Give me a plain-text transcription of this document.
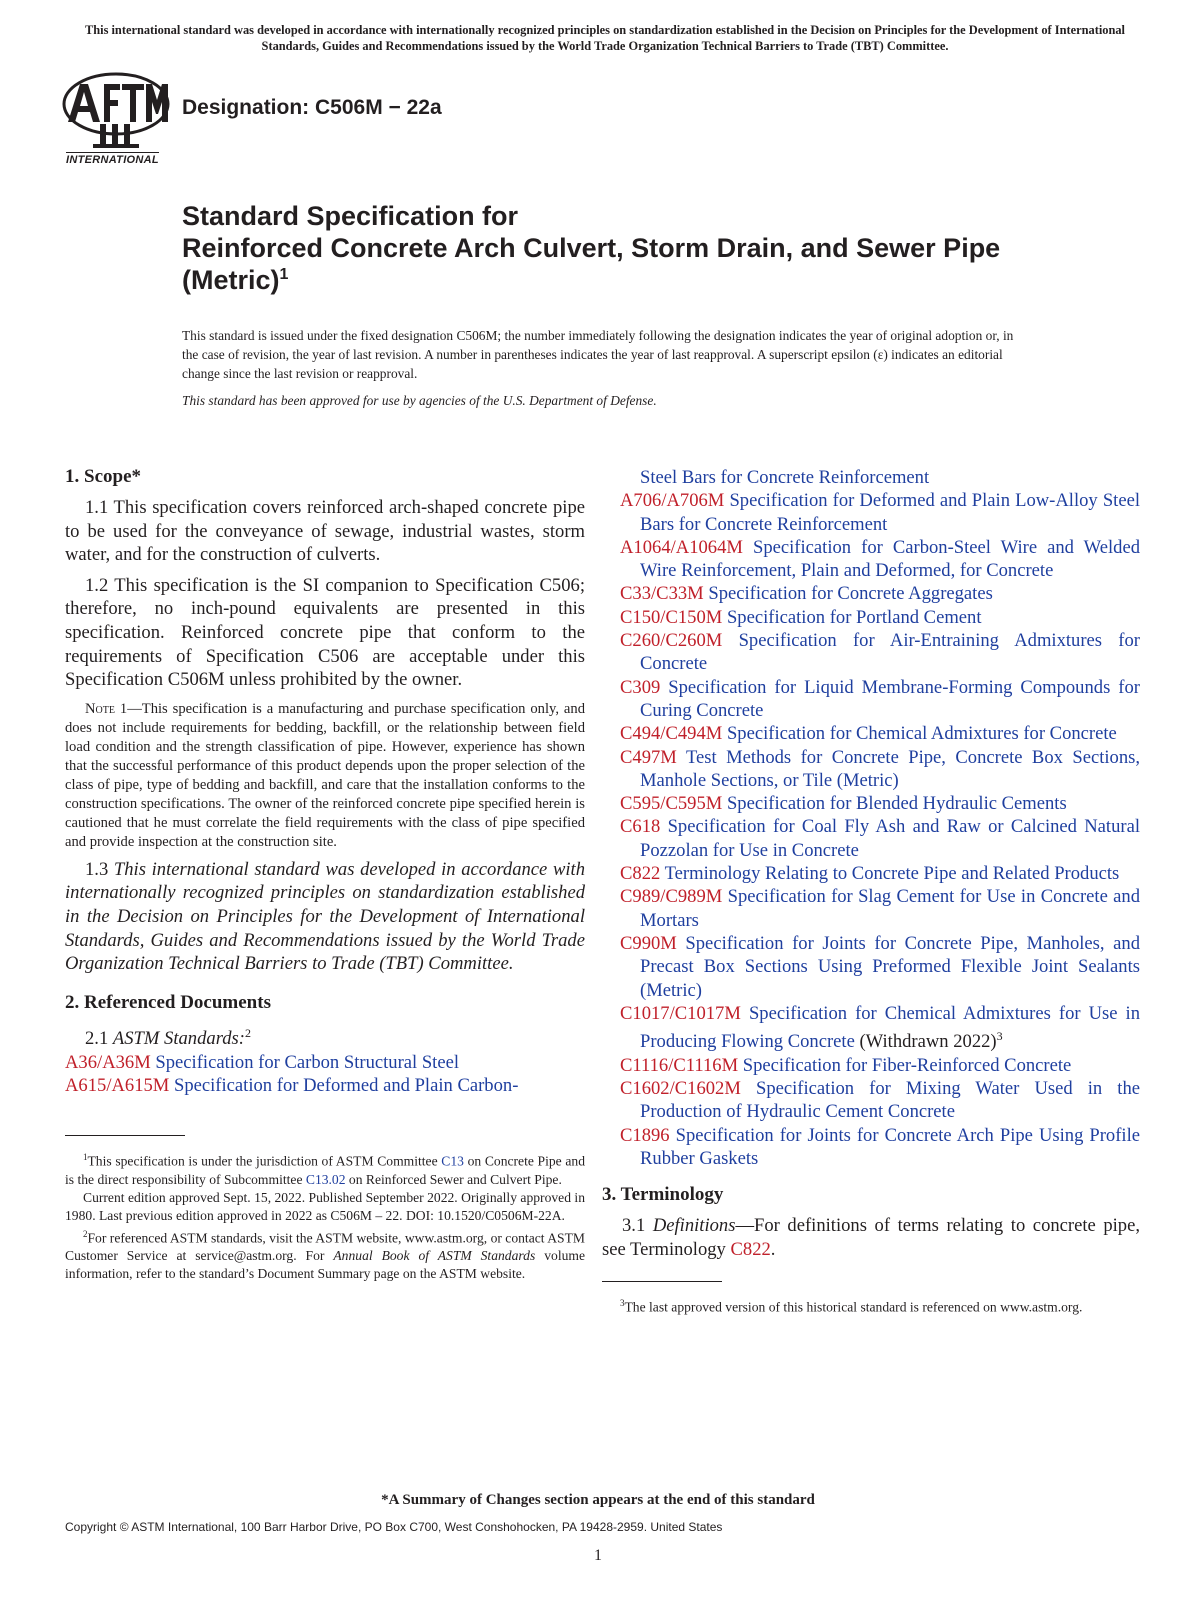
This international standard was developed in accordance with internationally recognized principles on standardization established in the Decision on Principles for the Development of International Standards, Guides and Recommendations issued by the World Trade Organization Technical Barriers to Trade (TBT) Committee.
INTERNATIONAL
Designation: C506M − 22a
Standard Specification for
Reinforced Concrete Arch Culvert, Storm Drain, and Sewer Pipe (Metric)$^1$
This standard is issued under the fixed designation C506M; the number immediately following the designation indicates the year of original adoption or, in the case of revision, the year of last revision. A number in parentheses indicates the year of last reapproval. A superscript epsilon (ε) indicates an editorial change since the last revision or reapproval.
This standard has been approved for use by agencies of the U.S. Department of Defense.
1. Scope*

1.1 This specification covers reinforced arch-shaped concrete pipe to be used for the conveyance of sewage, industrial wastes, storm water, and for the construction of culverts.

1.2 This specification is the SI companion to Specification C506; therefore, no inch-pound equivalents are presented in this specification. Reinforced concrete pipe that conform to the requirements of Specification C506 are acceptable under this Specification C506M unless prohibited by the owner.

Note 1—This specification is a manufacturing and purchase specification only, and does not include requirements for bedding, backfill, or the relationship between field load condition and the strength classification of pipe. However, experience has shown that the successful performance of this product depends upon the proper selection of the class of pipe, type of bedding and backfill, and care that the installation conforms to the construction specifications. The owner of the reinforced concrete pipe specified herein is cautioned that he must correlate the field requirements with the class of pipe specified and provide inspection at the construction site.

1.3 This international standard was developed in accordance with internationally recognized principles on standardization established in the Decision on Principles for the Development of International Standards, Guides and Recommendations issued by the World Trade Organization Technical Barriers to Trade (TBT) Committee.

2. Referenced Documents

2.1 ASTM Standards:$^2$

A36/A36M Specification for Carbon Structural Steel

A615/A615M Specification for Deformed and Plain Carbon-

$^1$This specification is under the jurisdiction of ASTM Committee C13 on Concrete Pipe and is the direct responsibility of Subcommittee C13.02 on Reinforced Sewer and Culvert Pipe.

Current edition approved Sept. 15, 2022. Published September 2022. Originally approved in 1980. Last previous edition approved in 2022 as C506M – 22. DOI: 10.1520/C0506M-22A.

$^2$For referenced ASTM standards, visit the ASTM website, www.astm.org, or contact ASTM Customer Service at service@astm.org. For Annual Book of ASTM Standards volume information, refer to the standard’s Document Summary page on the ASTM website.

Steel Bars for Concrete Reinforcement

A706/A706M Specification for Deformed and Plain Low-Alloy Steel Bars for Concrete Reinforcement

A1064/A1064M Specification for Carbon-Steel Wire and Welded Wire Reinforcement, Plain and Deformed, for Concrete

C33/C33M Specification for Concrete Aggregates

C150/C150M Specification for Portland Cement

C260/C260M Specification for Air-Entraining Admixtures for Concrete

C309 Specification for Liquid Membrane-Forming Compounds for Curing Concrete

C494/C494M Specification for Chemical Admixtures for Concrete

C497M Test Methods for Concrete Pipe, Concrete Box Sections, Manhole Sections, or Tile (Metric)

C595/C595M Specification for Blended Hydraulic Cements

C618 Specification for Coal Fly Ash and Raw or Calcined Natural Pozzolan for Use in Concrete

C822 Terminology Relating to Concrete Pipe and Related Products

C989/C989M Specification for Slag Cement for Use in Concrete and Mortars

C990M Specification for Joints for Concrete Pipe, Manholes, and Precast Box Sections Using Preformed Flexible Joint Sealants (Metric)

C1017/C1017M Specification for Chemical Admixtures for Use in Producing Flowing Concrete (Withdrawn 2022)$^3$

C1116/C1116M Specification for Fiber-Reinforced Concrete

C1602/C1602M Specification for Mixing Water Used in the Production of Hydraulic Cement Concrete

C1896 Specification for Joints for Concrete Arch Pipe Using Profile Rubber Gaskets

3. Terminology

3.1 Definitions—For definitions of terms relating to concrete pipe, see Terminology C822.

$^3$The last approved version of this historical standard is referenced on www.astm.org.

*A Summary of Changes section appears at the end of this standard
Copyright © ASTM International, 100 Barr Harbor Drive, PO Box C700, West Conshohocken, PA 19428-2959. United States
1
